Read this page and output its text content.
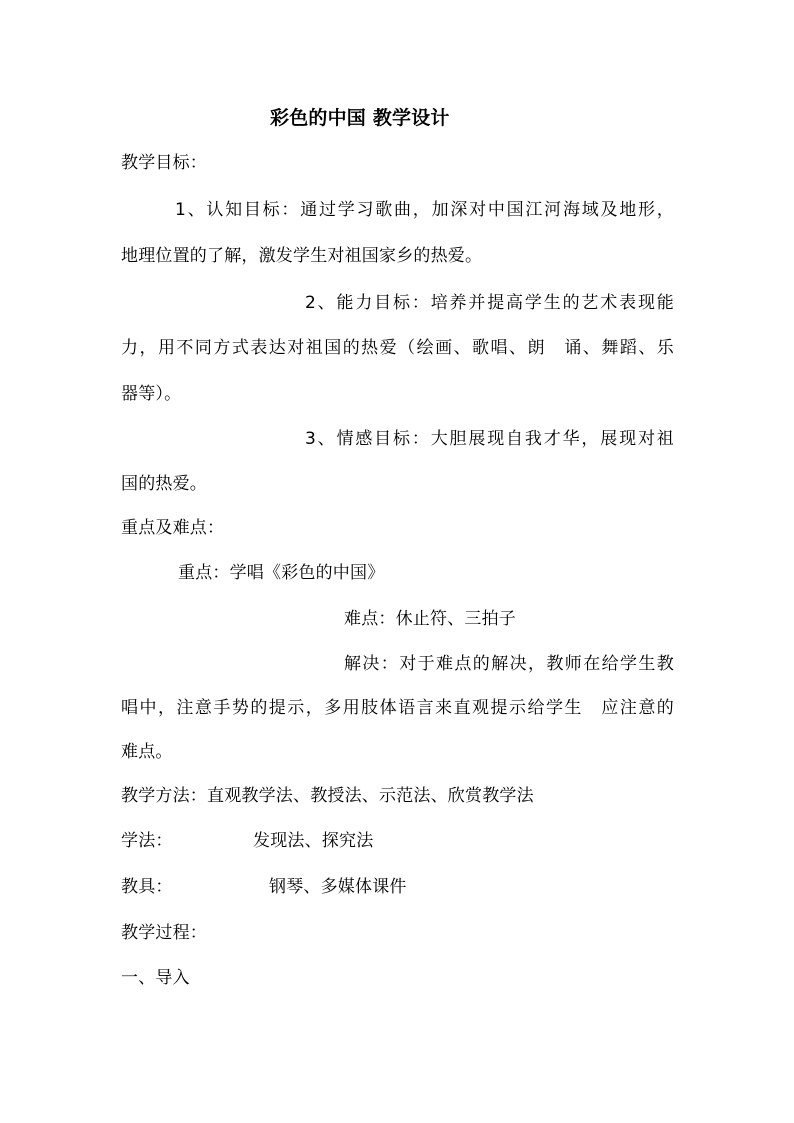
彩色的中国 教学设计
教学目标：
1、认知目标：通过学习歌曲，加深对中国江河海域及地形，
地理位置的了解，激发学生对祖国家乡的热爱。
2、能力目标：培养并提高学生的艺术表现能
力，用不同方式表达对祖国的热爱（绘画、歌唱、朗　诵、舞蹈、乐
器等）。
3、情感目标：大胆展现自我才华，展现对祖
国的热爱。
重点及难点：
重点：学唱《彩色的中国》
难点：休止符、三拍子
解决：对于难点的解决，教师在给学生教
唱中，注意手势的提示，多用肢体语言来直观提示给学生　应注意的
难点。
教学方法：直观教学法、教授法、示范法、欣赏教学法
学法：	发现法、探究法
教具：	钢琴、多媒体课件
教学过程：
一、导入
